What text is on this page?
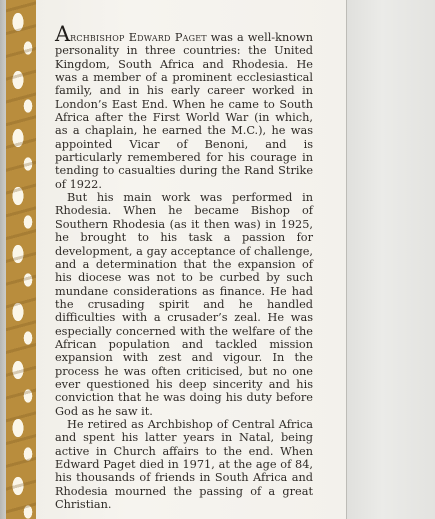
Archbishop Edward Paget was a well-known personality in three countries: the United Kingdom, South Africa and Rhodesia. He was a member of a prominent ecclesiastical family, and in his early career worked in London’s East End. When he came to South Africa after the First World War (in which, as a chaplain, he earned the M.C.), he was appointed Vicar of Benoni, and is particularly remembered for his courage in tending to casualties during the Rand Strike of 1922.

But his main work was performed in Rhodesia. When he became Bishop of Southern Rhodesia (as it then was) in 1925, he brought to his task a passion for development, a gay acceptance of challenge, and a determination that the expansion of his diocese was not to be curbed by such mundane considerations as finance. He had the crusading spirit and he handled difficulties with a crusader’s zeal. He was especially concerned with the welfare of the African population and tackled mission expansion with zest and vigour. In the process he was often criticised, but no one ever questioned his deep sincerity and his conviction that he was doing his duty before God as he saw it.

He retired as Archbishop of Central Africa and spent his latter years in Natal, being active in Church affairs to the end. When Edward Paget died in 1971, at the age of 84, his thousands of friends in South Africa and Rhodesia mourned the passing of a great Christian.
